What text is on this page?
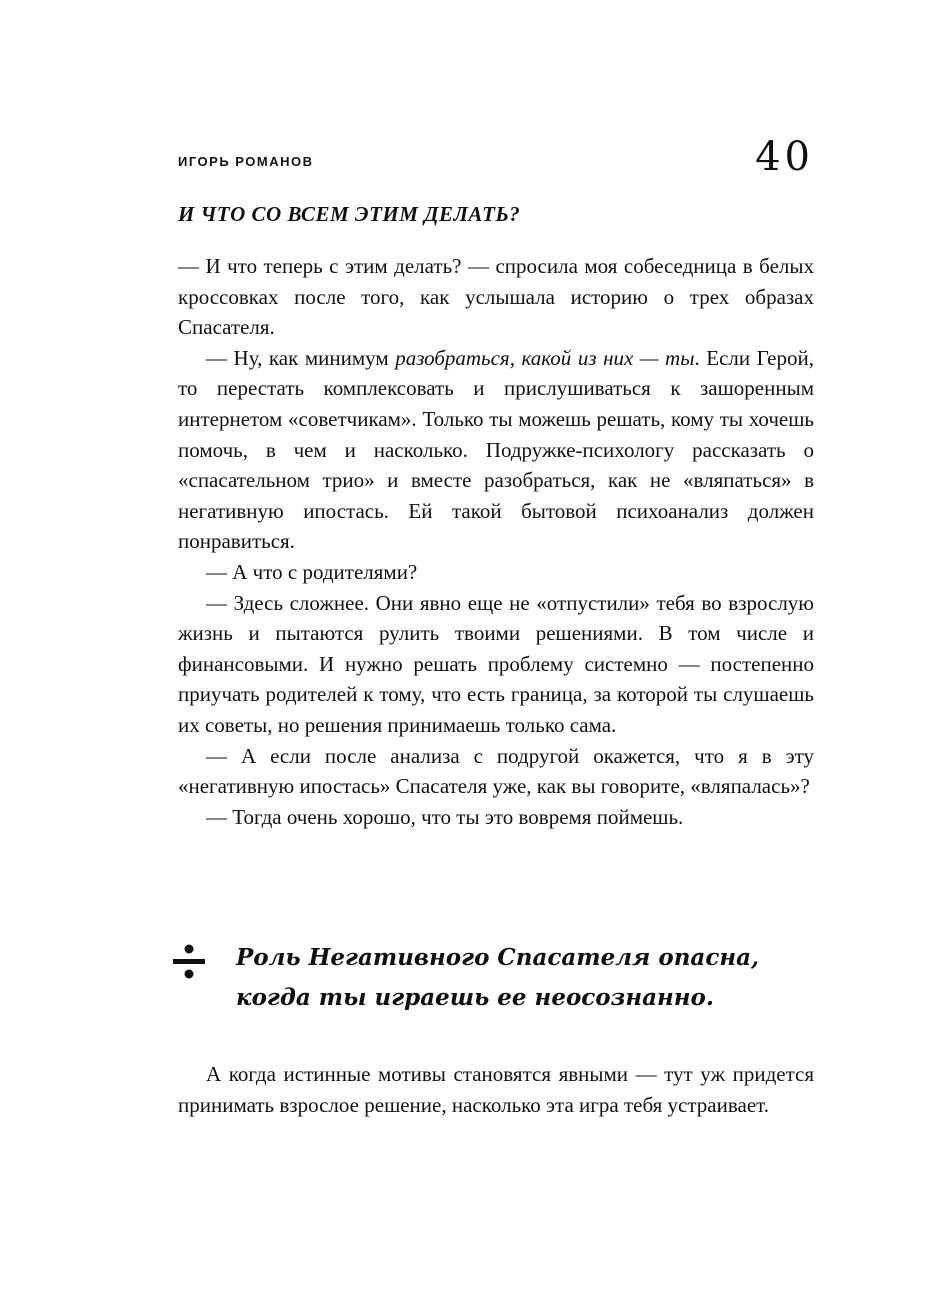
ИГОРЬ РОМАНОВ	40
И ЧТО СО ВСЕМ ЭТИМ ДЕЛАТЬ?

— И что теперь с этим делать? — спросила моя собеседница в белых кроссовках после того, как услышала историю о трех образах Спасателя.

— Ну, как минимум разобраться, какой из них — ты. Если Герой, то перестать комплексовать и прислушиваться к зашоренным интернетом «советчикам». Только ты можешь решать, кому ты хочешь помочь, в чем и насколько. Подружке-психологу рассказать о «спасательном трио» и вместе разобраться, как не «вляпаться» в негативную ипостась. Ей такой бытовой психоанализ должен понравиться.

— А что с родителями?

— Здесь сложнее. Они явно еще не «отпустили» тебя во взрослую жизнь и пытаются рулить твоими решениями. В том числе и финансовыми. И нужно решать проблему системно — постепенно приучать родителей к тому, что есть граница, за которой ты слушаешь их советы, но решения принимаешь только сама.

— А если после анализа с подругой окажется, что я в эту «негативную ипостась» Спасателя уже, как вы говорите, «вляпалась»?

— Тогда очень хорошо, что ты это вовремя поймешь.

Роль Негативного Спасателя опасна, когда ты играешь ее неосознанно.

А когда истинные мотивы становятся явными — тут уж придется принимать взрослое решение, насколько эта игра тебя устраивает.
